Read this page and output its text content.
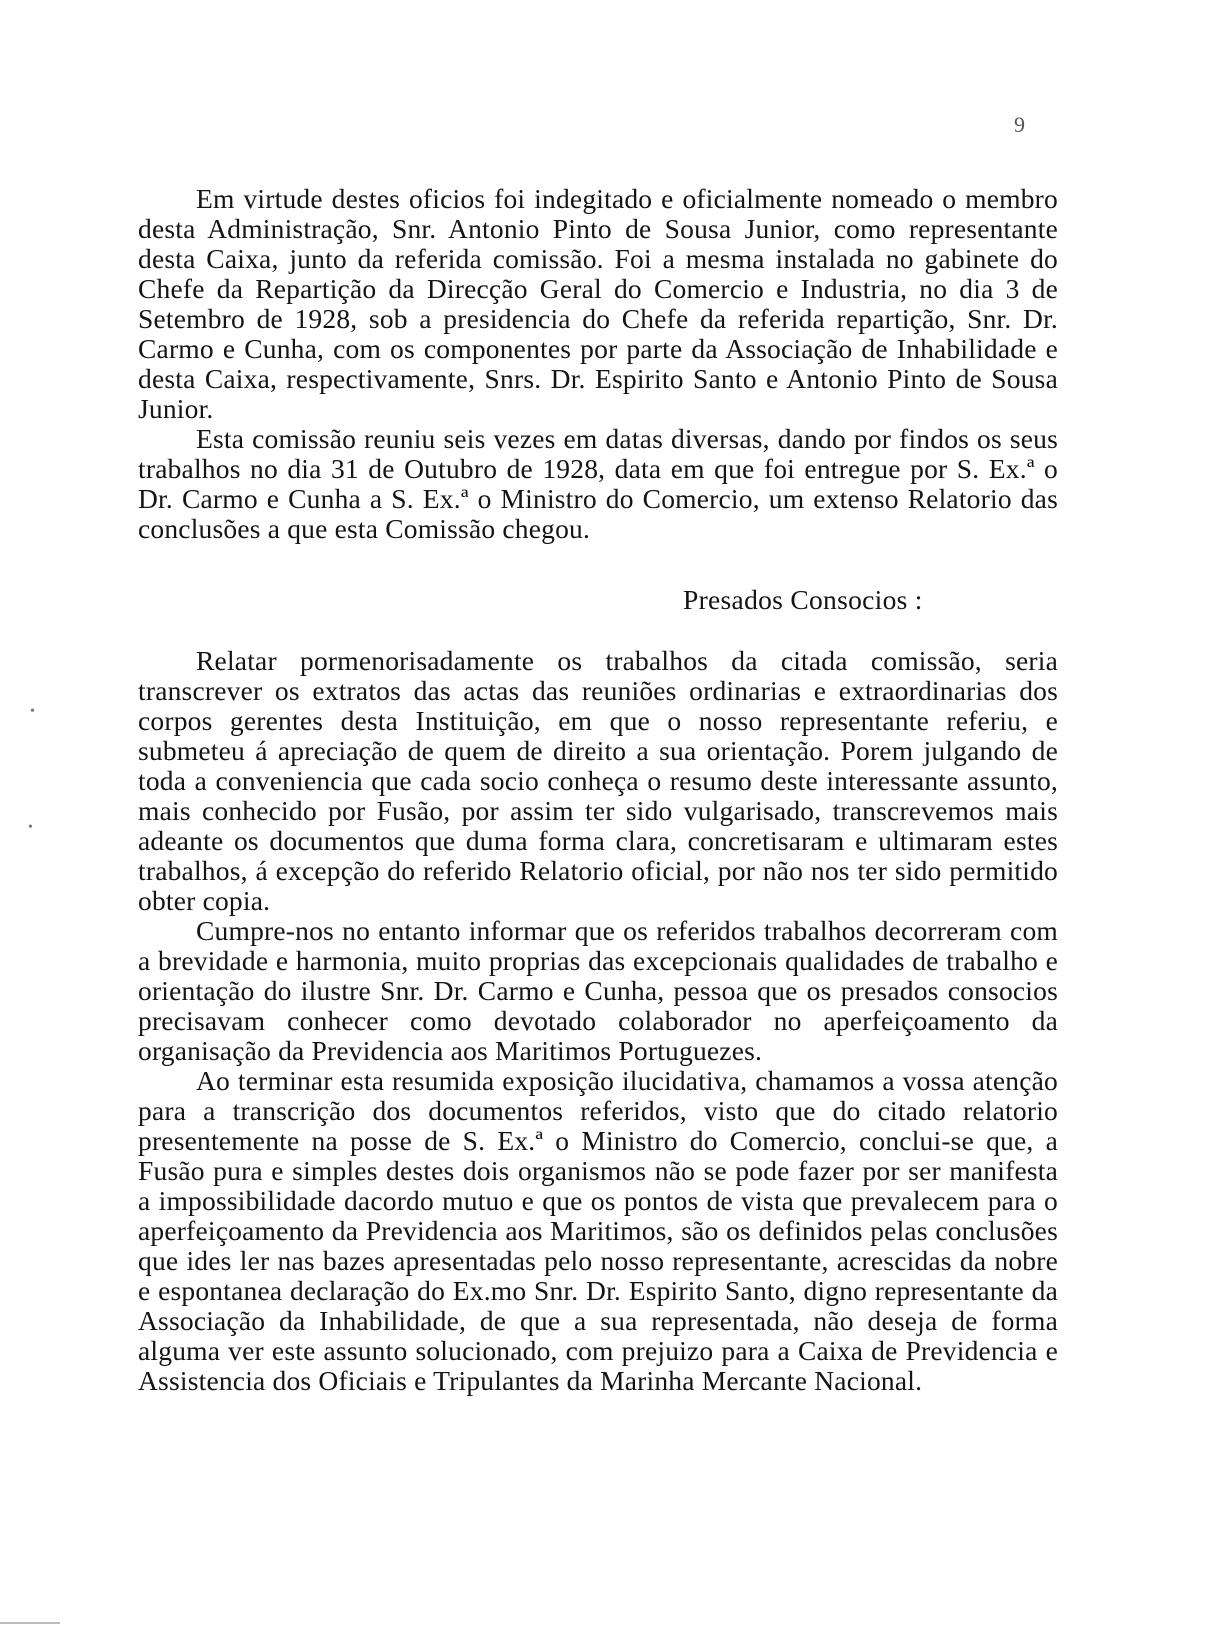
9
•
•

Em virtude destes oficios foi indegitado e oficialmente nomeado o membro desta Administração, Snr. Antonio Pinto de Sousa Junior, como representante desta Caixa, junto da referida comissão. Foi a mesma instalada no gabinete do Chefe da Repartição da Direcção Geral do Comercio e Industria, no dia 3 de Setembro de 1928, sob a presidencia do Chefe da referida repartição, Snr. Dr. Carmo e Cunha, com os componentes por parte da Associação de Inhabilidade e desta Caixa, respectivamente, Snrs. Dr. Espirito Santo e Antonio Pinto de Sousa Junior.

Esta comissão reuniu seis vezes em datas diversas, dando por findos os seus trabalhos no dia 31 de Outubro de 1928, data em que foi entregue por S. Ex.ª o Dr. Carmo e Cunha a S. Ex.ª o Ministro do Comercio, um extenso Relatorio das conclusões a que esta Comissão chegou.

Presados Consocios :

Relatar pormenorisadamente os trabalhos da citada comissão, seria transcrever os extratos das actas das reuniões ordinarias e extraordinarias dos corpos gerentes desta Instituição, em que o nosso representante referiu, e submeteu á apreciação de quem de direito a sua orientação. Porem julgando de toda a conveniencia que cada socio conheça o resumo deste interessante assunto, mais conhecido por Fusão, por assim ter sido vulgarisado, transcrevemos mais adeante os documentos que duma forma clara, concretisaram e ultimaram estes trabalhos, á excepção do referido Relatorio oficial, por não nos ter sido permitido obter copia.

Cumpre-nos no entanto informar que os referidos trabalhos decorreram com a brevidade e harmonia, muito proprias das excepcionais qualidades de trabalho e orientação do ilustre Snr. Dr. Carmo e Cunha, pessoa que os presados consocios precisavam conhecer como devotado colaborador no aperfeiçoamento da organisação da Previdencia aos Maritimos Portuguezes.

Ao terminar esta resumida exposição ilucidativa, chamamos a vossa atenção para a transcrição dos documentos referidos, visto que do citado relatorio presentemente na posse de S. Ex.ª o Ministro do Comercio, conclui-se que, a Fusão pura e simples destes dois organismos não se pode fazer por ser manifesta a impossibilidade dacordo mutuo e que os pontos de vista que prevalecem para o aperfeiçoamento da Previdencia aos Maritimos, são os definidos pelas conclusões que ides ler nas bazes apresentadas pelo nosso representante, acrescidas da nobre e espontanea declaração do Ex.mo Snr. Dr. Espirito Santo, digno representante da Associação da Inhabilidade, de que a sua representada, não deseja de forma alguma ver este assunto solucionado, com prejuizo para a Caixa de Previdencia e Assistencia dos Oficiais e Tripulantes da Marinha Mercante Nacional.
